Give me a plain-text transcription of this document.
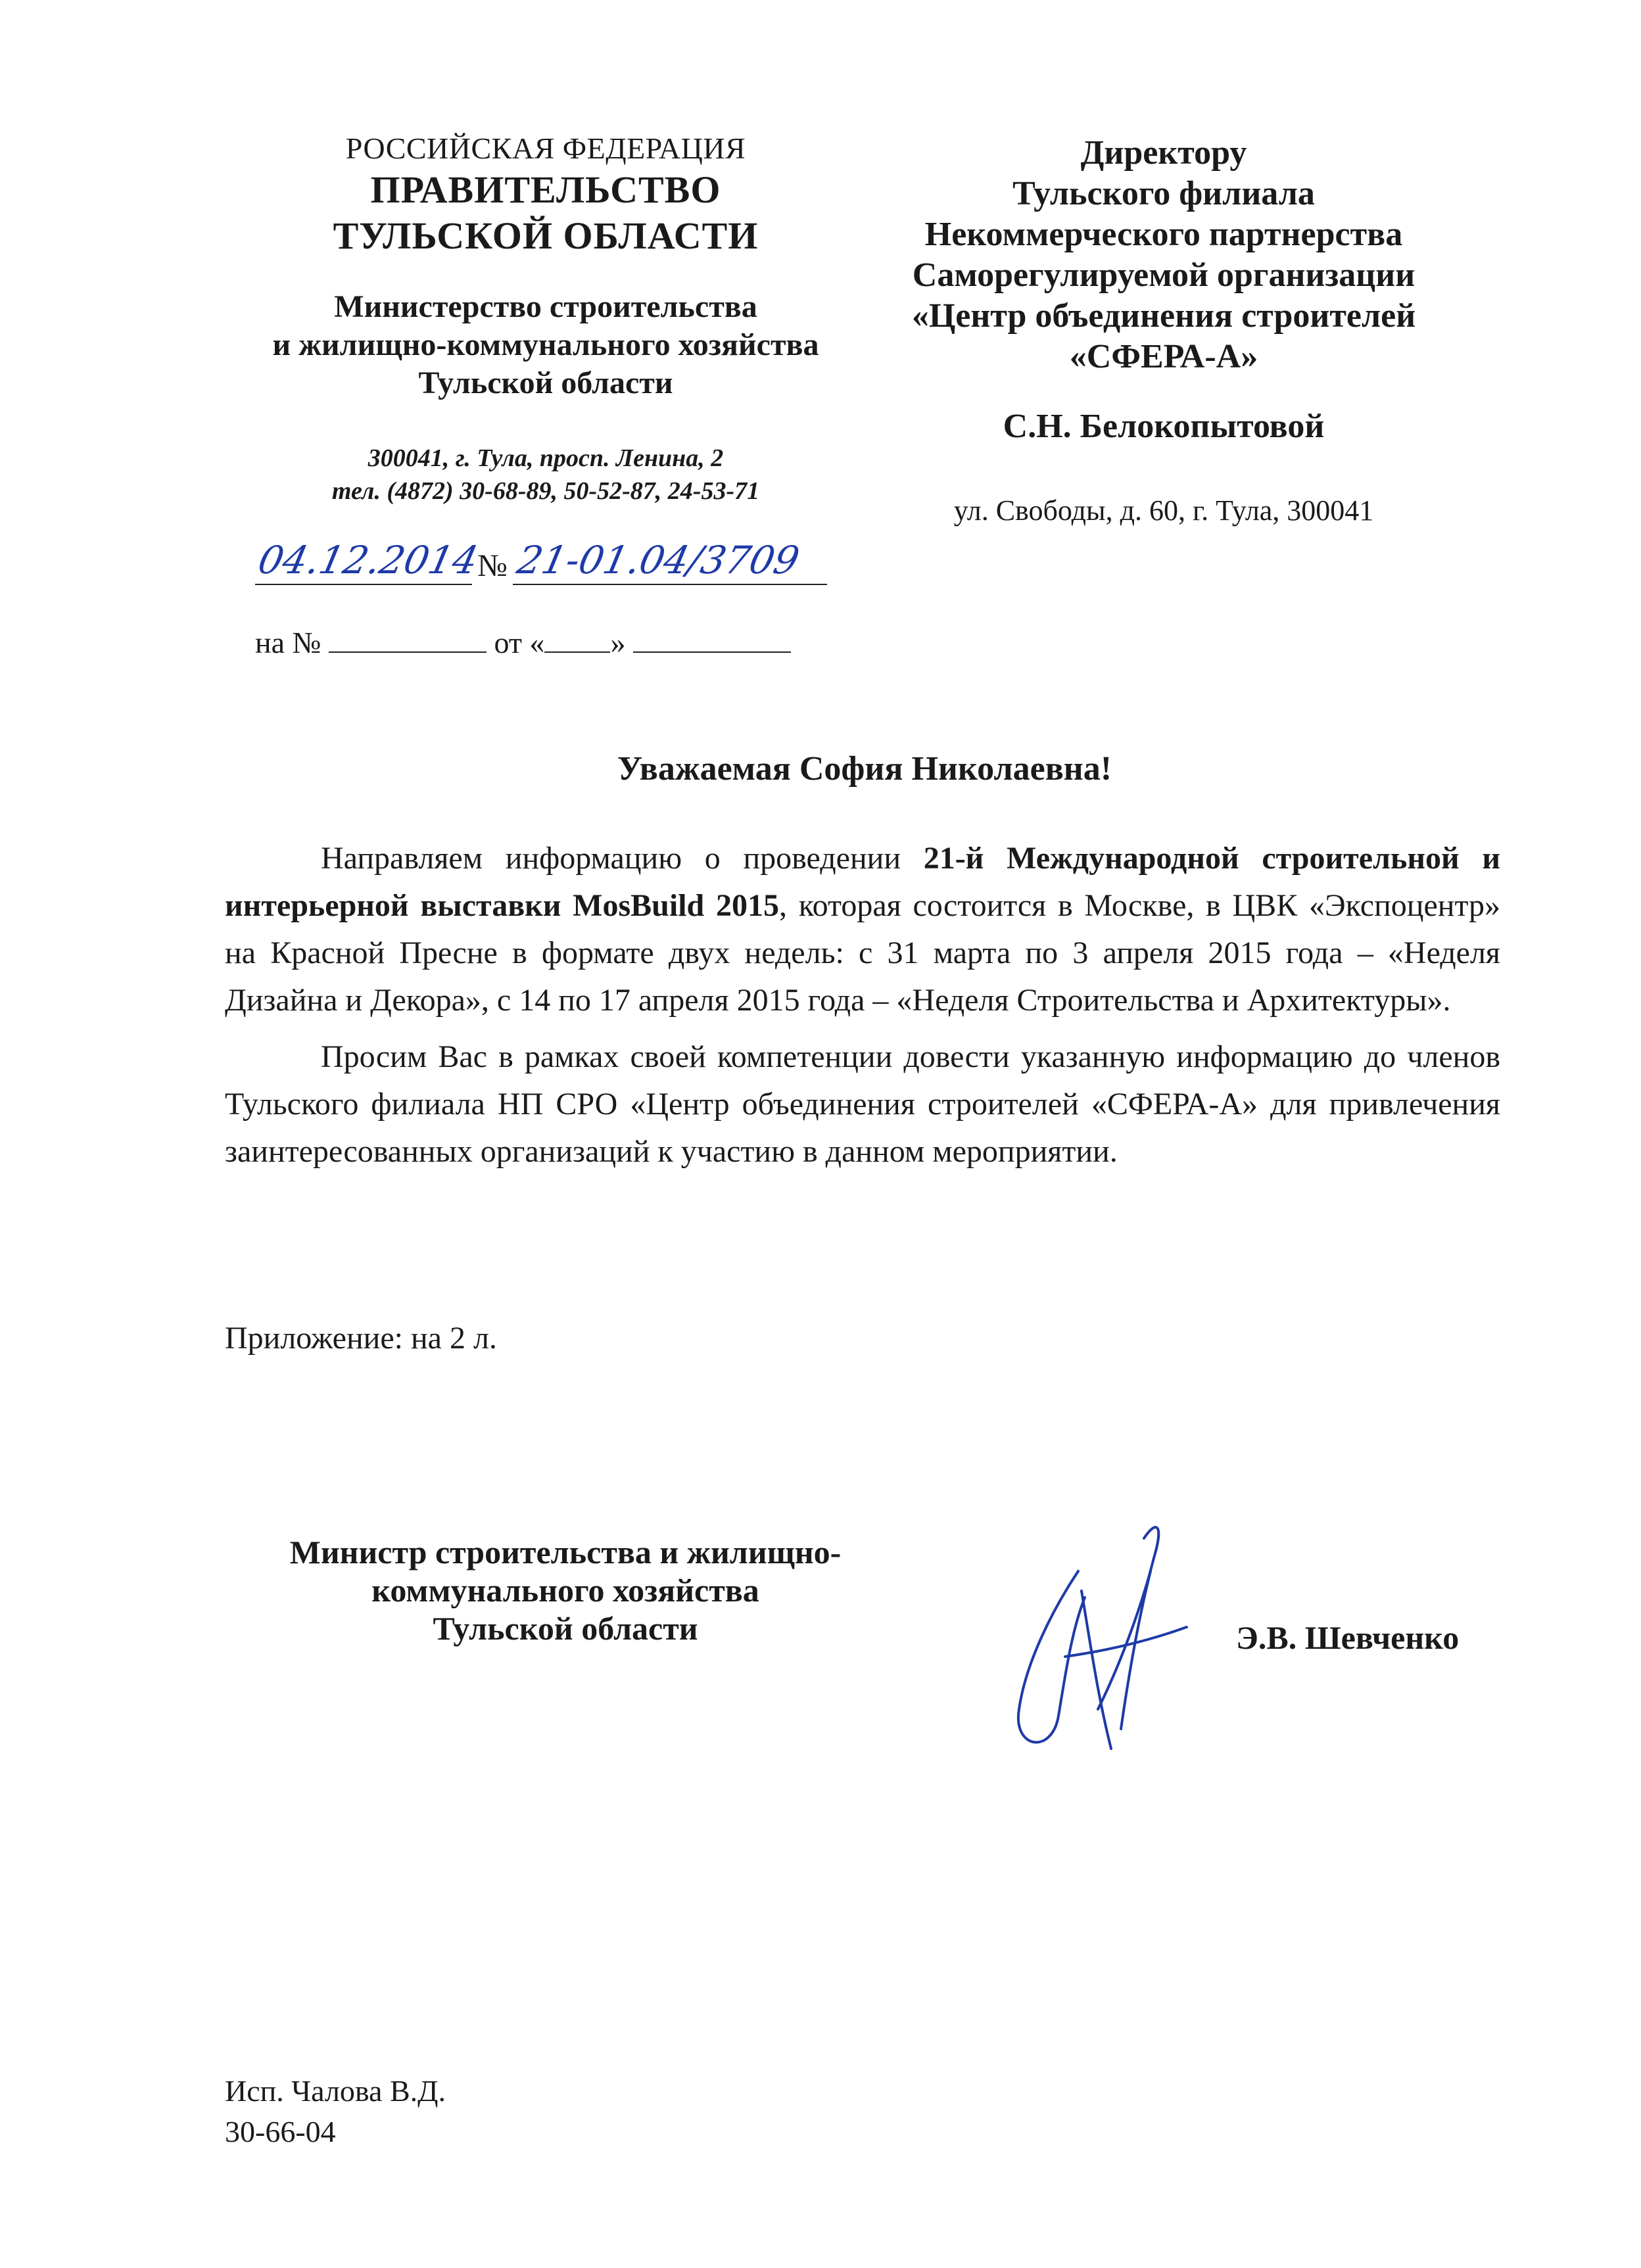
РОССИЙСКАЯ ФЕДЕРАЦИЯ
ПРАВИТЕЛЬСТВО
ТУЛЬСКОЙ ОБЛАСТИ
Министерство строительства
и жилищно-коммунального хозяйства
Тульской области
300041, г. Тула, просп. Ленина, 2
тел. (4872) 30-68-89, 50-52-87, 24-53-71
04.12.2014
№ 21-01.04/3709
на №	от « »
Директору
Тульского филиала
Некоммерческого партнерства
Саморегулируемой организации
«Центр объединения строителей
«СФЕРА-А»
С.Н. Белокопытовой
ул. Свободы, д. 60, г. Тула, 300041
Уважаемая София Николаевна!

Направляем информацию о проведении 21-й Международной строительной и интерьерной выставки MosBuild 2015, которая состоится в Москве, в ЦВК «Экспоцентр» на Красной Пресне в формате двух недель: с 31 марта по 3 апреля 2015 года – «Неделя Дизайна и Декора», с 14 по 17 апреля 2015 года – «Неделя Строительства и Архитектуры».

Просим Вас в рамках своей компетенции довести указанную информацию до членов Тульского филиала НП СРО «Центр объединения строителей «СФЕРА-А» для привлечения заинтересованных организаций к участию в данном мероприятии.

Приложение: на 2 л.
Министр строительства и жилищно-
коммунального хозяйства
Тульской области	Э.В. Шевченко
Исп. Чалова В.Д.
30-66-04
